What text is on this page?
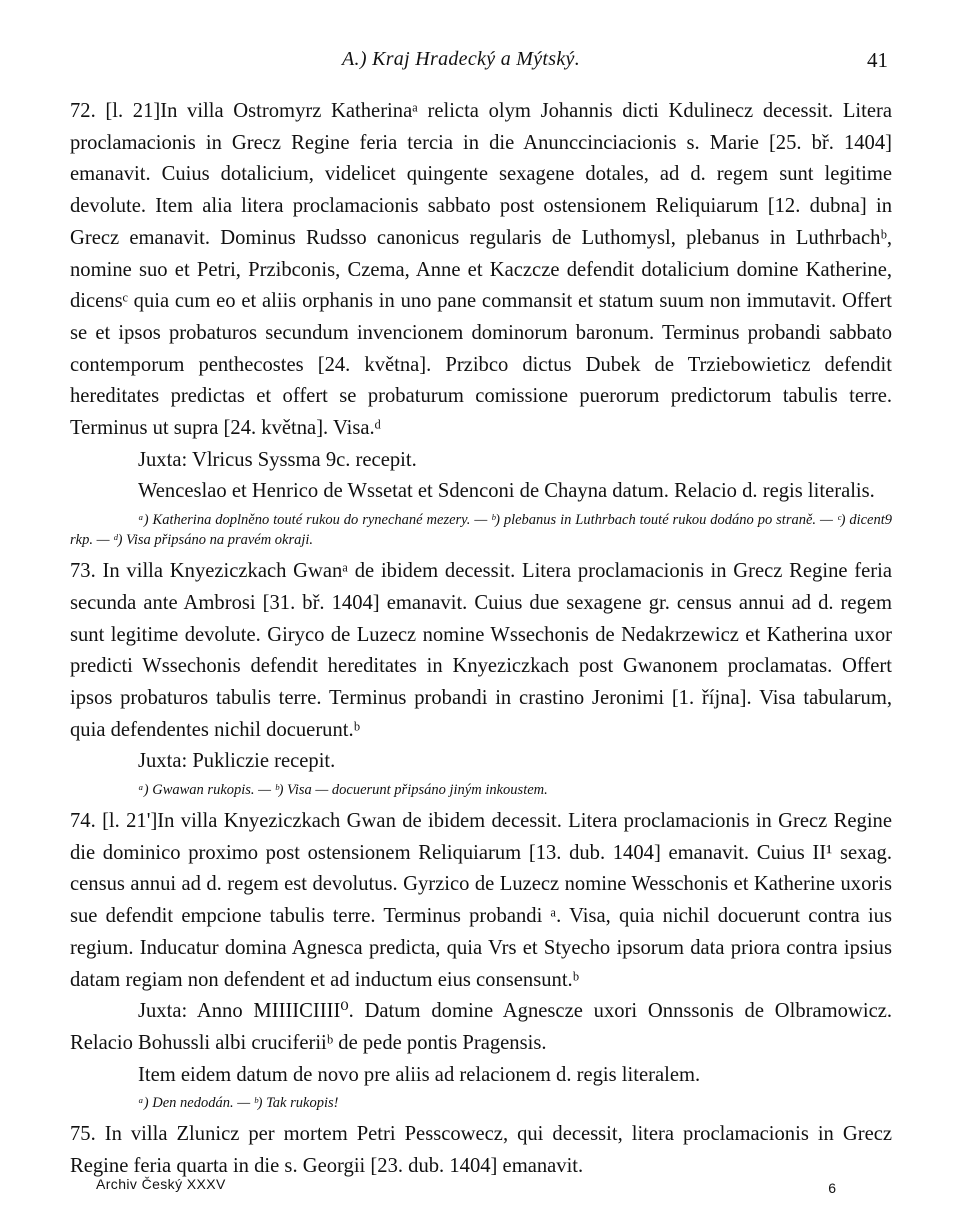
A.) Kraj Hradecký a Mýtský.	41

72. [l. 21]In villa Ostromyrz Katherinaᵃ relicta olym Johannis dicti Kdulinecz decessit. Litera proclamacionis in Grecz Regine feria tercia in die Anunccinciacionis s. Marie [25. bř. 1404] emanavit. Cuius dotalicium, videlicet quingente sexagene dotales, ad d. regem sunt legitime devolute. Item alia litera proclamacionis sabbato post ostensionem Reliquiarum [12. dubna] in Grecz emanavit. Dominus Rudsso canonicus regularis de Luthomysl, plebanus in Luthrbachᵇ, nomine suo et Petri, Przibconis, Czema, Anne et Kaczcze defendit dotalicium domine Katherine, dicensᶜ quia cum eo et aliis orphanis in uno pane commansit et statum suum non immutavit. Offert se et ipsos probaturos secundum invencionem dominorum baronum. Terminus probandi sabbato contemporum penthecostes [24. května]. Przibco dictus Dubek de Trziebowieticz defendit hereditates predictas et offert se probaturum comissione puerorum predictorum tabulis terre. Terminus ut supra [24. května]. Visa.ᵈ

Juxta: Vlricus Syssma 9c. recepit.

Wenceslao et Henrico de Wssetat et Sdenconi de Chayna datum. Relacio d. regis literalis.

ᵃ) Katherina doplněno touté rukou do rynechané mezery. — ᵇ) plebanus in Luthrbach touté rukou dodáno po straně. — ᶜ) dicent9 rkp. — ᵈ) Visa připsáno na pravém okraji.

73. In villa Knyeziczkach Gwanᵃ de ibidem decessit. Litera proclamacionis in Grecz Regine feria secunda ante Ambrosi [31. bř. 1404] emanavit. Cuius due sexagene gr. census annui ad d. regem sunt legitime devolute. Giryco de Luzecz nomine Wssechonis de Nedakrzewicz et Katherina uxor predicti Wssechonis defendit hereditates in Knyeziczkach post Gwanonem proclamatas. Offert ipsos probaturos tabulis terre. Terminus probandi in crastino Jeronimi [1. října]. Visa tabularum, quia defendentes nichil docuerunt.ᵇ

Juxta: Pukliczie recepit.

ᵃ) Gwawan rukopis. — ᵇ) Visa — docuerunt připsáno jiným inkoustem.

74. [l. 21']In villa Knyeziczkach Gwan de ibidem decessit. Litera proclamacionis in Grecz Regine die dominico proximo post ostensionem Reliquiarum [13. dub. 1404] emanavit. Cuius II¹ sexag. census annui ad d. regem est devolutus. Gyrzico de Luzecz nomine Wesschonis et Katherine uxoris sue defendit empcione tabulis terre. Terminus probandi ᵃ. Visa, quia nichil docuerunt contra ius regium. Inducatur domina Agnesca predicta, quia Vrs et Styecho ipsorum data priora contra ipsius datam regiam non defendent et ad inductum eius consensunt.ᵇ

Juxta: Anno MIIIICIIII⁰. Datum domine Agnescze uxori Onnssonis de Olbramowicz. Relacio Bohussli albi cruciferiiᵇ de pede pontis Pragensis.

Item eidem datum de novo pre aliis ad relacionem d. regis literalem.

ᵃ) Den nedodán. — ᵇ) Tak rukopis!

75. In villa Zlunicz per mortem Petri Pesscowecz, qui decessit, litera proclamacionis in Grecz Regine feria quarta in die s. Georgii [23. dub. 1404] emanavit.

Archiv Český XXXV	6
